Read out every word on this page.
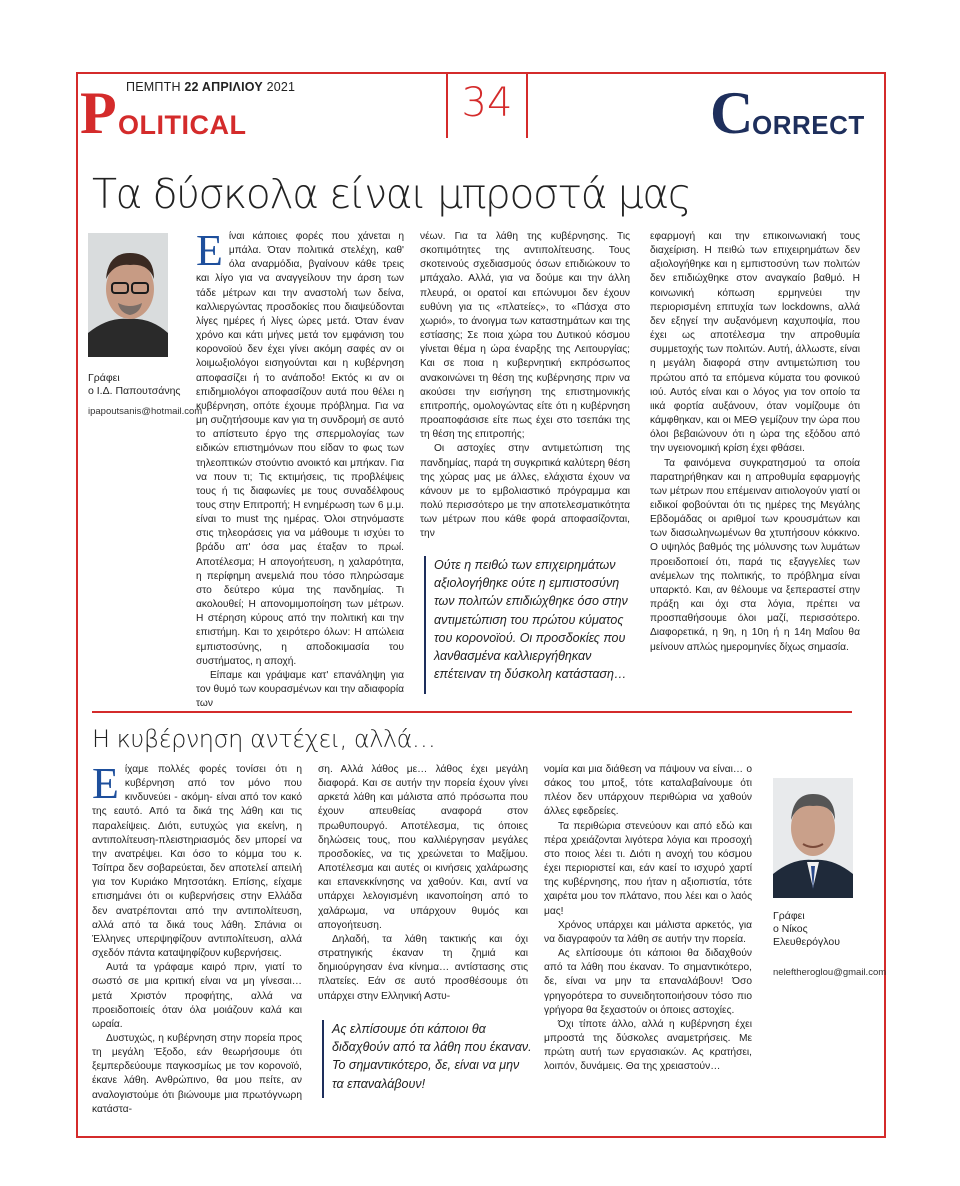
ΠΕΜΠΤΗ 22 ΑΠΡΙΛΙΟΥ 2021
P OLITICAL	34	C
ORRECT
Τα δύσκολα είναι μπροστά μας
Γράφει
ο Ι.Δ. Παπουτσάνης
ipapoutsanis@hotmail.com

Είναι κάποιες φορές που χάνεται η μπάλα. Όταν πολιτικά στελέχη, καθ' όλα αναρμόδια, βγαίνουν κάθε τρεις και λίγο για να αναγγείλουν την άρση των τάδε μέτρων και την αναστολή των δείνα, καλλιεργώντας προσδοκίες που διαψεύδονται λίγες ημέρες ή λίγες ώρες μετά. Όταν έναν χρόνο και κάτι μήνες μετά τον εμφάνιση του κορονοϊού δεν έχει γίνει ακόμη σαφές αν οι λοιμωξιολόγοι εισηγούνται και η κυβέρνηση αποφασίζει ή το ανάποδο! Εκτός κι αν οι επιδημιολόγοι αποφασίζουν αυτά που θέλει η κυβέρνηση, οπότε έχουμε πρόβλημα. Για να μη συζητήσουμε καν για τη συνδρομή σε αυτό το απίστευτο έργο της σπερμολογίας των ειδικών επιστημόνων που είδαν το φως των τηλεοπτικών στούντιο ανοικτό και μπήκαν. Για να πουν τι; Τις εκτιμήσεις, τις προβλέψεις τους ή τις διαφωνίες με τους συναδέλφους τους στην Επιτροπή; Η ενημέρωση των 6 μ.μ. είναι το must της ημέρας. Όλοι στηνόμαστε στις τηλεοράσεις για να μάθουμε τι ισχύει το βράδυ απ' όσα μας έταξαν το πρωί. Αποτέλεσμα; Η απογοήτευση, η χαλαρότητα, η περίφημη ανεμελιά που τόσο πληρώσαμε στο δεύτερο κύμα της πανδημίας. Τι ακολουθεί; Η απονομιμοποίηση των μέτρων. Η στέρηση κύρους από την πολιτική και την επιστήμη. Και το χειρότερο όλων: Η απώλεια εμπιστοσύνης, η αποδοκιμασία του συστήματος, η αποχή.

Είπαμε και γράψαμε κατ' επανάληψη για τον θυμό των κουρασμένων και την αδιαφορία των

νέων. Για τα λάθη της κυβέρνησης. Τις σκοπιμότητες της αντιπολίτευσης. Τους σκοτεινούς σχεδιασμούς όσων επιδιώκουν το μπάχαλο. Αλλά, για να δούμε και την άλλη πλευρά, οι ορατοί και επώνυμοι δεν έχουν ευθύνη για τις «πλατείες», το «Πάσχα στο χωριό», το άνοιγμα των καταστημάτων και της εστίασης; Σε ποια χώρα του Δυτικού κόσμου γίνεται θέμα η ώρα έναρξης της Λειτουργίας; Και σε ποια η κυβερνητική εκπρόσωπος ανακοινώνει τη θέση της κυβέρνησης πριν να ακούσει την εισήγηση της επιστημονικής επιτροπής, ομολογώντας είτε ότι η κυβέρνηση προαποφάσισε είτε πως έχει στο τσεπάκι της τη θέση της επιτροπής;

Οι αστοχίες στην αντιμετώπιση της πανδημίας, παρά τη συγκριτικά καλύτερη θέση της χώρας μας με άλλες, ελάχιστα έχουν να κάνουν με το εμβολιαστικό πρόγραμμα και πολύ περισσότερο με την αποτελεσματικότητα των μέτρων που κάθε φορά αποφασίζονται, την

Ούτε η πειθώ των επιχειρημάτων αξιολογήθηκε ούτε η εμπιστοσύνη των πολιτών επιδιώχθηκε όσο στην αντιμετώπιση του πρώτου κύματος του κορονοϊού. Οι προσδοκίες που λανθασμένα καλλιεργήθηκαν επέτειναν τη δύσκολη κατάσταση…

εφαρμογή και την επικοινωνιακή τους διαχείριση. Η πειθώ των επιχειρημάτων δεν αξιολογήθηκε και η εμπιστοσύνη των πολιτών δεν επιδιώχθηκε στον αναγκαίο βαθμό. Η κοινωνική κόπωση ερμηνεύει την περιορισμένη επιτυχία των lockdowns, αλλά δεν εξηγεί την αυξανόμενη καχυποψία, που έχει ως αποτέλεσμα την απροθυμία συμμετοχής των πολιτών. Αυτή, άλλωστε, είναι η μεγάλη διαφορά στην αντιμετώπιση του πρώτου από τα επόμενα κύματα του φονικού ιού. Αυτός είναι και ο λόγος για τον οποίο τα ιικά φορτία αυξάνουν, όταν νομίζουμε ότι κάμφθηκαν, και οι ΜΕΘ γεμίζουν την ώρα που όλοι βεβαιώνουν ότι η ώρα της εξόδου από την υγειονομική κρίση έχει φθάσει.

Τα φαινόμενα συγκρατησμού τα οποία παρατηρήθηκαν και η απροθυμία εφαρμογής των μέτρων που επέμειναν αιτιολογούν γιατί οι ειδικοί φοβούνται ότι τις ημέρες της Μεγάλης Εβδομάδας οι αριθμοί των κρουσμάτων και των διασωληνωμένων θα χτυπήσουν κόκκινο. Ο υψηλός βαθμός της μόλυνσης των λυμάτων προειδοποιεί ότι, παρά τις εξαγγελίες των ανέμελων της πολιτικής, το πρόβλημα είναι υπαρκτό. Και, αν θέλουμε να ξεπεραστεί στην πράξη και όχι στα λόγια, πρέπει να προσπαθήσουμε όλοι μαζί, περισσότερο. Διαφορετικά, η 9η, η 10η ή η 14η Μαΐου θα μείνουν απλώς ημερομηνίες δίχως σημασία.

Η κυβέρνηση αντέχει, αλλά…

Είχαμε πολλές φορές τονίσει ότι η κυβέρνηση από τον μόνο που κινδυνεύει - ακόμη- είναι από τον κακό της εαυτό. Από τα δικά της λάθη και τις παραλείψεις. Διότι, ευτυχώς για εκείνη, η αντιπολίτευση-πλειστηριασμός δεν μπορεί να την ανατρέψει. Και όσο το κόμμα του κ. Τσίπρα δεν σοβαρεύεται, δεν αποτελεί απειλή για τον Κυριάκο Μητσοτάκη. Επίσης, είχαμε επισημάνει ότι οι κυβερνήσεις στην Ελλάδα δεν ανατρέπονται από την αντιπολίτευση, αλλά από τα δικά τους λάθη. Σπάνια οι Έλληνες υπερψηφίζουν αντιπολίτευση, αλλά σχεδόν πάντα καταψηφίζουν κυβερνήσεις.

Αυτά τα γράφαμε καιρό πριν, γιατί το σωστό σε μια κριτική είναι να μη γίνεσαι… μετά Χριστόν προφήτης, αλλά να προειδοποιείς όταν όλα μοιάζουν καλά και ωραία.

Δυστυχώς, η κυβέρνηση στην πορεία προς τη μεγάλη Έξοδο, εάν θεωρήσουμε ότι ξεμπερδεύουμε παγκοσμίως με τον κορονοϊό, έκανε λάθη. Ανθρώπινο, θα μου πείτε, αν αναλογιστούμε ότι βιώνουμε μια πρωτόγνωρη κατάστα-

ση. Αλλά λάθος με… λάθος έχει μεγάλη διαφορά. Και σε αυτήν την πορεία έχουν γίνει αρκετά λάθη και μάλιστα από πρόσωπα που έχουν απευθείας αναφορά στον πρωθυπουργό. Αποτέλεσμα, τις όποιες δηλώσεις τους, που καλλιέργησαν μεγάλες προσδοκίες, να τις χρεώνεται το Μαξίμου. Αποτέλεσμα και αυτές οι κινήσεις χαλάρωσης και επανεκκίνησης να χαθούν. Και, αντί να υπάρχει λελογισμένη ικανοποίηση από το χαλάρωμα, να υπάρχουν θυμός και απογοήτευση.

Δηλαδή, τα λάθη τακτικής και όχι στρατηγικής έκαναν τη ζημιά και δημιούργησαν ένα κίνημα… αντίστασης στις πλατείες. Εάν σε αυτό προσθέσουμε ότι υπάρχει στην Ελληνική Αστυ-

Ας ελπίσουμε ότι κάποιοι θα διδαχθούν από τα λάθη που έκαναν. Το σημαντικότερο, δε, είναι να μην τα επαναλάβουν!

νομία και μια διάθεση να πάψουν να είναι… ο σάκος του μποξ, τότε καταλαβαίνουμε ότι πλέον δεν υπάρχουν περιθώρια να χαθούν άλλες εφεδρείες.

Τα περιθώρια στενεύουν και από εδώ και πέρα χρειάζονται λιγότερα λόγια και προσοχή στο ποιος λέει τι. Διότι η ανοχή του κόσμου έχει περιοριστεί και, εάν καεί το ισχυρό χαρτί της κυβέρνησης, που ήταν η αξιοπιστία, τότε χαιρέτα μου τον πλάτανο, που λέει και ο λαός μας!

Χρόνος υπάρχει και μάλιστα αρκετός, για να διαγραφούν τα λάθη σε αυτήν την πορεία.

Ας ελπίσουμε ότι κάποιοι θα διδαχθούν από τα λάθη που έκαναν. Το σημαντικότερο, δε, είναι να μην τα επαναλάβουν! Όσο γρηγορότερα το συνειδητοποιήσουν τόσο πιο γρήγορα θα ξεχαστούν οι όποιες αστοχίες.

Όχι τίποτε άλλο, αλλά η κυβέρνηση έχει μπροστά της δύσκολες αναμετρήσεις. Με πρώτη αυτή των εργασιακών. Ας κρατήσει, λοιπόν, δυνάμεις. Θα της χρειαστούν…

Γράφει
ο Νίκος
Ελευθερόγλου
neleftheroglou@gmail.com
